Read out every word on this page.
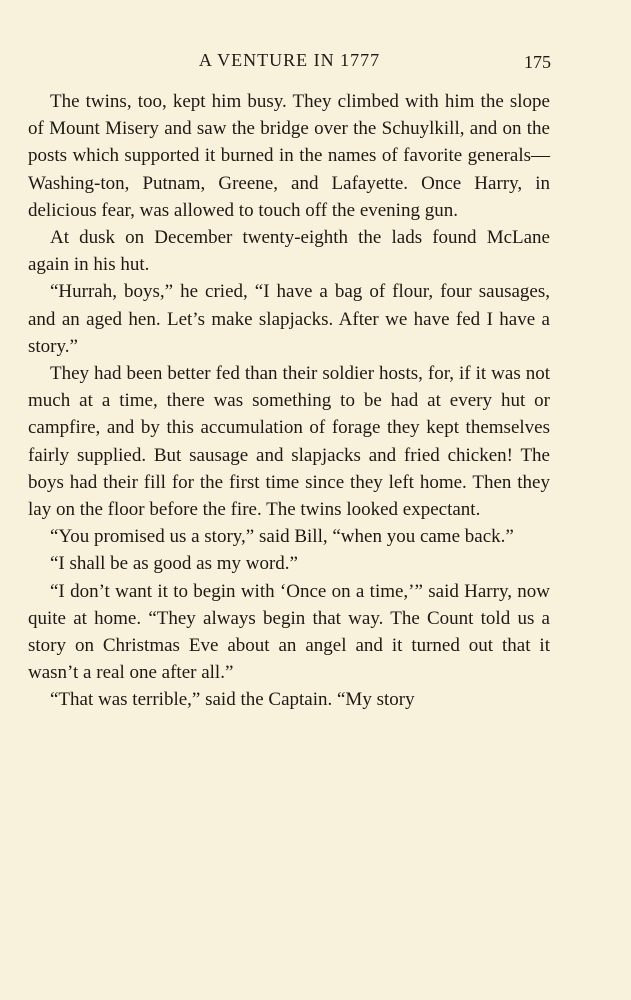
A VENTURE IN 1777	175

The twins, too, kept him busy. They climbed with him the slope of Mount Misery and saw the bridge over the Schuylkill, and on the posts which supported it burned in the names of favorite generals—Washing-ton, Putnam, Greene, and Lafayette. Once Harry, in delicious fear, was allowed to touch off the evening gun.

At dusk on December twenty-eighth the lads found McLane again in his hut.

“Hurrah, boys,” he cried, “I have a bag of flour, four sausages, and an aged hen. Let’s make slapjacks. After we have fed I have a story.”

They had been better fed than their soldier hosts, for, if it was not much at a time, there was something to be had at every hut or campfire, and by this accumulation of forage they kept themselves fairly supplied. But sausage and slapjacks and fried chicken! The boys had their fill for the first time since they left home. Then they lay on the floor before the fire. The twins looked expectant.

“You promised us a story,” said Bill, “when you came back.”

“I shall be as good as my word.”

“I don’t want it to begin with ‘Once on a time,’” said Harry, now quite at home. “They always begin that way. The Count told us a story on Christmas Eve about an angel and it turned out that it wasn’t a real one after all.”

“That was terrible,” said the Captain. “My story
